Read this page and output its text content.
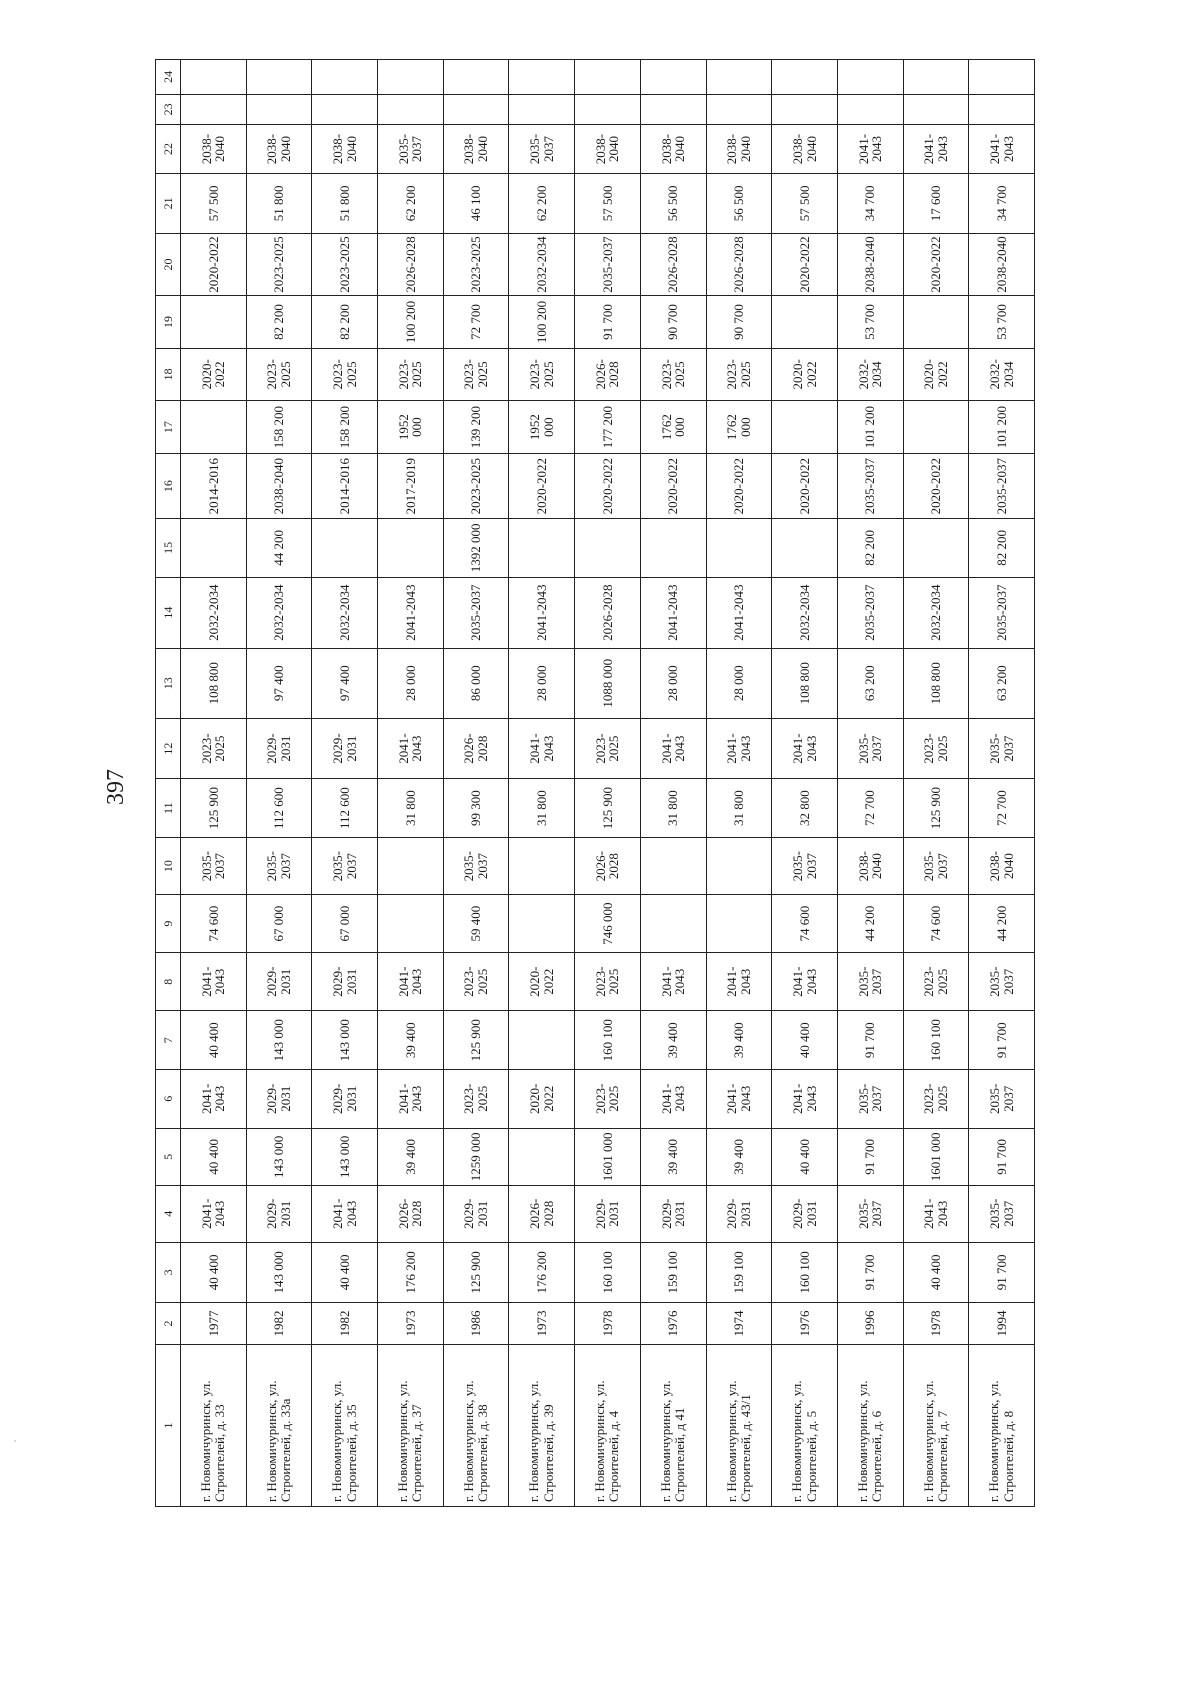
397
1	2	3	4	5	6	7	8	9	10	11	12	13	14	15	16	17	18	19	20	21	22	23	24
г. Новомичуринск, ул. Строителей, д. 33	1977	40 400	2041-2043	40 400	2041-2043	40 400	2041-2043	74 600	2035-2037	125 900	2023-2025	108 800	2032-2034		2014-2016		2020-2022		2020-2022	57 500	2038-2040		
г. Новомичуринск, ул. Строителей, д. 33а	1982	143 000	2029-2031	143 000	2029-2031	143 000	2029-2031	67 000	2035-2037	112 600	2029-2031	97 400	2032-2034	44 200	2038-2040	158 200	2023-2025	82 200	2023-2025	51 800	2038-2040		
г. Новомичуринск, ул. Строителей, д. 35	1982	40 400	2041-2043	143 000	2029-2031	143 000	2029-2031	67 000	2035-2037	112 600	2029-2031	97 400	2032-2034		2014-2016	158 200	2023-2025	82 200	2023-2025	51 800	2038-2040		
г. Новомичуринск, ул. Строителей, д. 37	1973	176 200	2026-2028	39 400	2041-2043	39 400	2041-2043			31 800	2041-2043	28 000	2041-2043		2017-2019	1952 000	2023-2025	100 200	2026-2028	62 200	2035-2037		
г. Новомичуринск, ул. Строителей, д. 38	1986	125 900	2029-2031	1259 000	2023-2025	125 900	2023-2025	59 400	2035-2037	99 300	2026-2028	86 000	2035-2037	1392 000	2023-2025	139 200	2023-2025	72 700	2023-2025	46 100	2038-2040		
г. Новомичуринск, ул. Строителей, д. 39	1973	176 200	2026-2028		2020-2022		2020-2022			31 800	2041-2043	28 000	2041-2043		2020-2022	1952 000	2023-2025	100 200	2032-2034	62 200	2035-2037		
г. Новомичуринск, ул. Строителей, д. 4	1978	160 100	2029-2031	1601 000	2023-2025	160 100	2023-2025	746 000	2026-2028	125 900	2023-2025	1088 000	2026-2028		2020-2022	177 200	2026-2028	91 700	2035-2037	57 500	2038-2040		
г. Новомичуринск, ул. Строителей, д 41	1976	159 100	2029-2031	39 400	2041-2043	39 400	2041-2043			31 800	2041-2043	28 000	2041-2043		2020-2022	1762 000	2023-2025	90 700	2026-2028	56 500	2038-2040		
г. Новомичуринск, ул. Строителей, д. 43/1	1974	159 100	2029-2031	39 400	2041-2043	39 400	2041-2043			31 800	2041-2043	28 000	2041-2043		2020-2022	1762 000	2023-2025	90 700	2026-2028	56 500	2038-2040		
г. Новомичуринск, ул. Строителей, д. 5	1976	160 100	2029-2031	40 400	2041-2043	40 400	2041-2043	74 600	2035-2037	32 800	2041-2043	108 800	2032-2034		2020-2022		2020-2022		2020-2022	57 500	2038-2040		
г. Новомичуринск, ул. Строителей, д. 6	1996	91 700	2035-2037	91 700	2035-2037	91 700	2035-2037	44 200	2038-2040	72 700	2035-2037	63 200	2035-2037	82 200	2035-2037	101 200	2032-2034	53 700	2038-2040	34 700	2041-2043		
г. Новомичуринск, ул. Строителей, д. 7	1978	40 400	2041-2043	1601 000	2023-2025	160 100	2023-2025	74 600	2035-2037	125 900	2023-2025	108 800	2032-2034		2020-2022		2020-2022		2020-2022	17 600	2041-2043		
г. Новомичуринск, ул. Строителей, д. 8	1994	91 700	2035-2037	91 700	2035-2037	91 700	2035-2037	44 200	2038-2040	72 700	2035-2037	63 200	2035-2037	82 200	2035-2037	101 200	2032-2034	53 700	2038-2040	34 700	2041-2043		
